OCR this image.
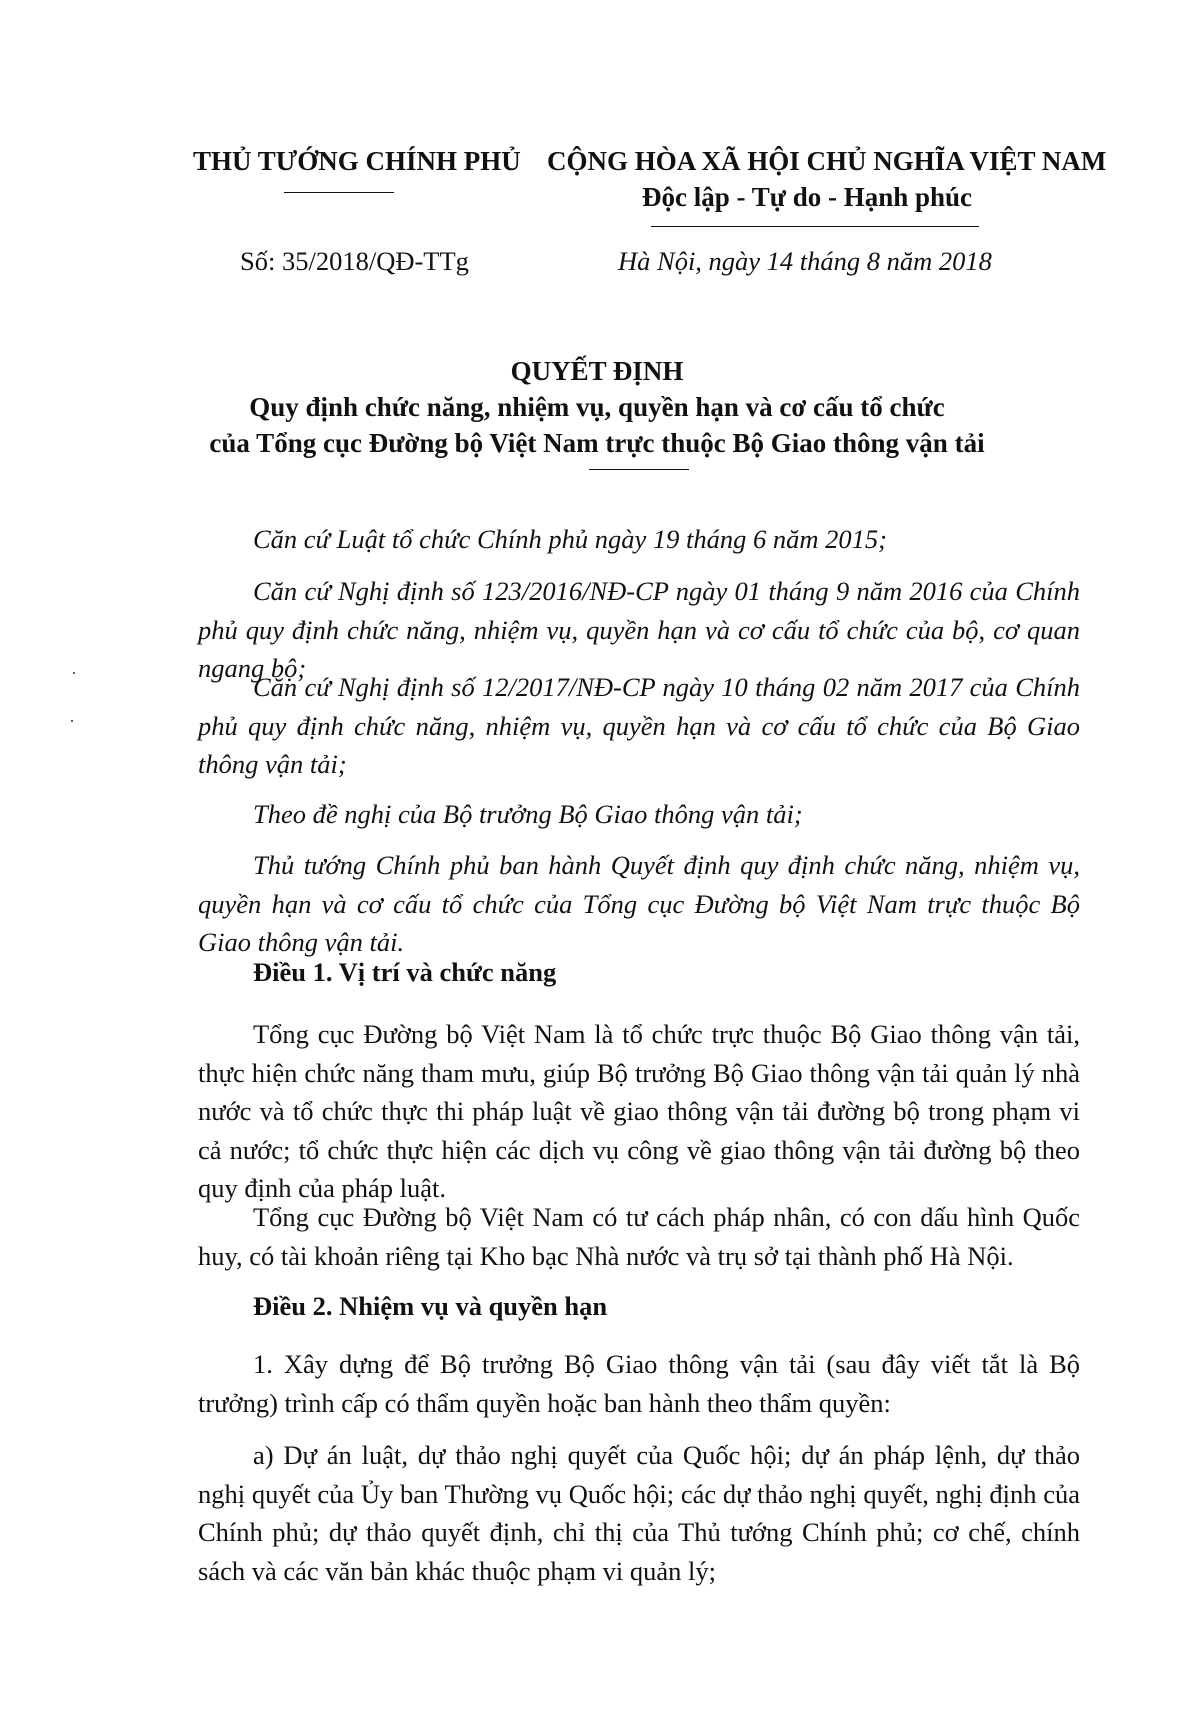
THỦ TƯỚNG CHÍNH PHỦ CỘNG HÒA XÃ HỘI CHỦ NGHĨA VIỆT NAM
Độc lập - Tự do - Hạnh phúc
Số: 35/2018/QĐ-TTg	Hà Nội, ngày 14 tháng 8 năm 2018
QUYẾT ĐỊNH
Quy định chức năng, nhiệm vụ, quyền hạn và cơ cấu tổ chức
của Tổng cục Đường bộ Việt Nam trực thuộc Bộ Giao thông vận tải
Căn cứ Luật tổ chức Chính phủ ngày 19 tháng 6 năm 2015;
Căn cứ Nghị định số 123/2016/NĐ-CP ngày 01 tháng 9 năm 2016 của Chính phủ quy định chức năng, nhiệm vụ, quyền hạn và cơ cấu tổ chức của bộ, cơ quan ngang bộ;
Căn cứ Nghị định số 12/2017/NĐ-CP ngày 10 tháng 02 năm 2017 của Chính phủ quy định chức năng, nhiệm vụ, quyền hạn và cơ cấu tổ chức của Bộ Giao thông vận tải;
Theo đề nghị của Bộ trưởng Bộ Giao thông vận tải;
Thủ tướng Chính phủ ban hành Quyết định quy định chức năng, nhiệm vụ, quyền hạn và cơ cấu tổ chức của Tổng cục Đường bộ Việt Nam trực thuộc Bộ Giao thông vận tải.
Điều 1. Vị trí và chức năng
Tổng cục Đường bộ Việt Nam là tổ chức trực thuộc Bộ Giao thông vận tải, thực hiện chức năng tham mưu, giúp Bộ trưởng Bộ Giao thông vận tải quản lý nhà nước và tổ chức thực thi pháp luật về giao thông vận tải đường bộ trong phạm vi cả nước; tổ chức thực hiện các dịch vụ công về giao thông vận tải đường bộ theo quy định của pháp luật.
Tổng cục Đường bộ Việt Nam có tư cách pháp nhân, có con dấu hình Quốc huy, có tài khoản riêng tại Kho bạc Nhà nước và trụ sở tại thành phố Hà Nội.
Điều 2. Nhiệm vụ và quyền hạn
1. Xây dựng để Bộ trưởng Bộ Giao thông vận tải (sau đây viết tắt là Bộ trưởng) trình cấp có thẩm quyền hoặc ban hành theo thẩm quyền:
a) Dự án luật, dự thảo nghị quyết của Quốc hội; dự án pháp lệnh, dự thảo nghị quyết của Ủy ban Thường vụ Quốc hội; các dự thảo nghị quyết, nghị định của Chính phủ; dự thảo quyết định, chỉ thị của Thủ tướng Chính phủ; cơ chế, chính sách và các văn bản khác thuộc phạm vi quản lý;
